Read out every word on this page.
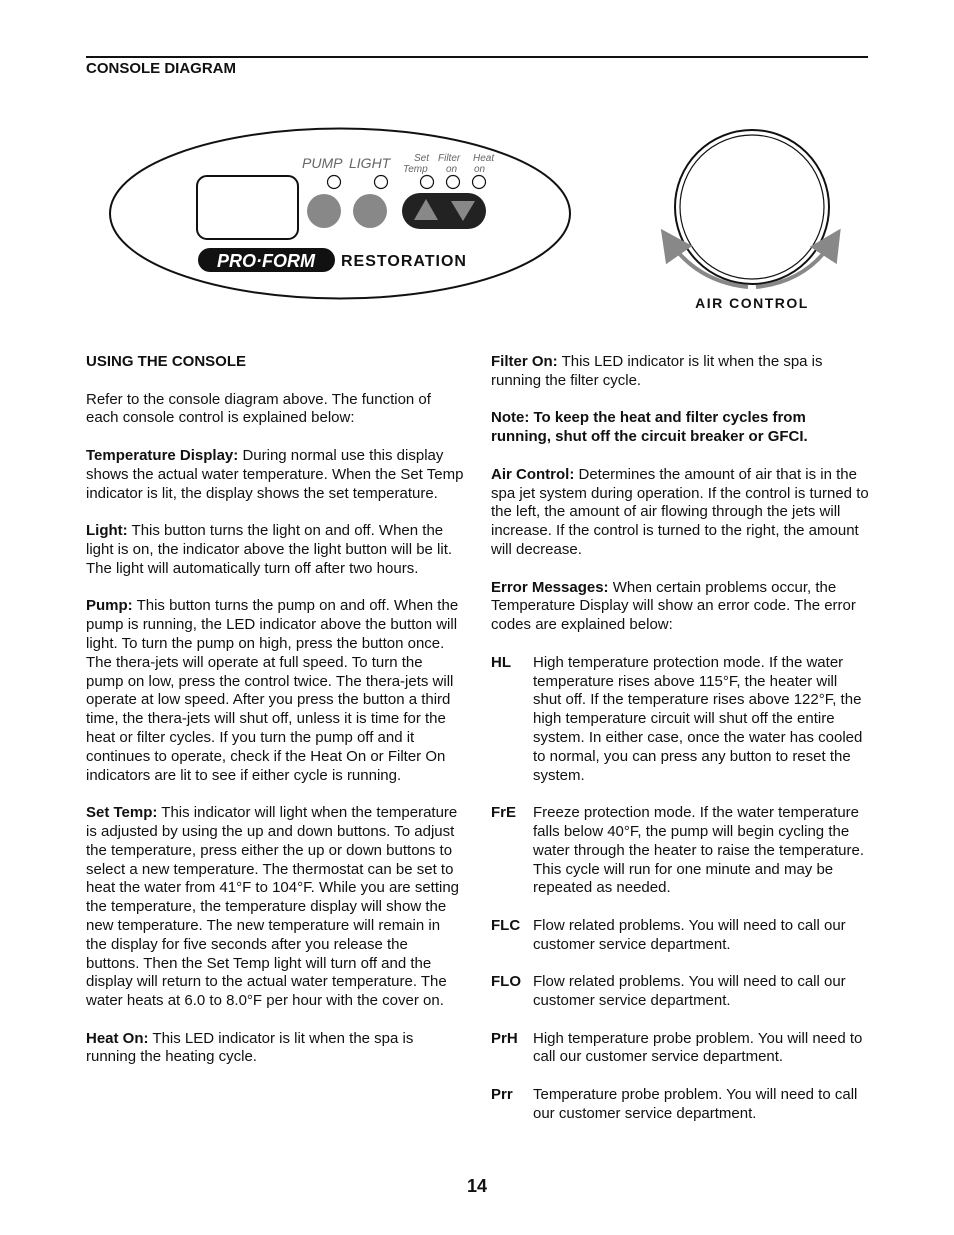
CONSOLE DIAGRAM
PUMP LIGHT Set
Temp
Filter
on
Heat
on
PRO·FORM RESTORATION
AIR CONTROL
USING THE CONSOLE

Refer to the console diagram above. The function of each console control is explained below:

Temperature Display: During normal use this display shows the actual water temperature. When the Set Temp indicator is lit, the display shows the set temperature.

Light: This button turns the light on and off. When the light is on, the indicator above the light button will be lit. The light will automatically turn off after two hours.

Pump: This button turns the pump on and off. When the pump is running, the LED indicator above the button will light. To turn the pump on high, press the button once. The thera-jets will operate at full speed. To turn the pump on low, press the control twice. The thera-jets will operate at low speed. After you press the button a third time, the thera-jets will shut off, unless it is time for the heat or filter cycles. If you turn the pump off and it continues to operate, check if the Heat On or Filter On indicators are lit to see if either cycle is running.

Set Temp: This indicator will light when the temperature is adjusted by using the up and down buttons. To adjust the temperature, press either the up or down buttons to select a new temperature. The thermostat can be set to heat the water from 41°F to 104°F. While you are setting the temperature, the temperature display will show the new temperature. The new temperature will remain in the display for five seconds after you release the buttons. Then the Set Temp light will turn off and the display will return to the actual water temperature. The water heats at 6.0 to 8.0°F per hour with the cover on.

Heat On: This LED indicator is lit when the spa is running the heating cycle.

Filter On: This LED indicator is lit when the spa is running the filter cycle.

Note: To keep the heat and filter cycles from running, shut off the circuit breaker or GFCI.

Air Control: Determines the amount of air that is in the spa jet system during operation. If the control is turned to the left, the amount of air flowing through the jets will increase. If the control is turned to the right, the amount will decrease.

Error Messages: When certain problems occur, the Temperature Display will show an error code. The error codes are explained below:

HL	High temperature protection mode. If the water temperature rises above 115°F, the heater will shut off. If the temperature rises above 122°F, the high temperature circuit will shut off the entire system. In either case, once the water has cooled to normal, you can press any button to reset the system.
FrE	Freeze protection mode. If the water temperature falls below 40°F, the pump will begin cycling the water through the heater to raise the temperature. This cycle will run for one minute and may be repeated as needed.
FLC Flow related problems. You will need to call our customer service department.
FLO Flow related problems. You will need to call our customer service department.
PrH	High temperature probe problem. You will need to call our customer service department.
Prr	Temperature probe problem. You will need to call our customer service department.
14
